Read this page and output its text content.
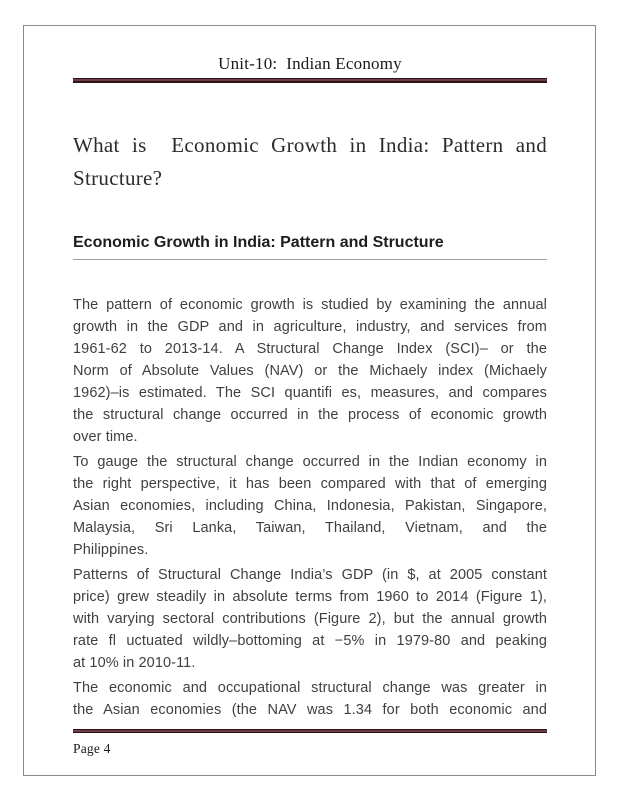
Unit-10:  Indian Economy
What is  Economic Growth in India: Pattern and
Structure?
Economic Growth in India: Pattern and Structure
The pattern of economic growth is studied by examining the annual
growth in the GDP and in agriculture, industry, and services from
1961-62 to 2013-14. A Structural Change Index (SCI)– or the
Norm of Absolute Values (NAV) or the Michaely index (Michaely
1962)–is estimated. The SCI quantifi es, measures, and compares
the structural change occurred in the process of economic growth
over time.
To gauge the structural change occurred in the Indian economy in
the right perspective, it has been compared with that of emerging
Asian economies, including China, Indonesia, Pakistan, Singapore,
Malaysia, Sri Lanka, Taiwan, Thailand, Vietnam, and the
Philippines.
Patterns of Structural Change India’s GDP (in $, at 2005 constant
price) grew steadily in absolute terms from 1960 to 2014 (Figure 1),
with varying sectoral contributions (Figure 2), but the annual growth
rate fl uctuated wildly–bottoming at −5% in 1979-80 and peaking
at 10% in 2010-11.
The economic and occupational structural change was greater in
the Asian economies (the NAV was 1.34 for both economic and
Page 4
